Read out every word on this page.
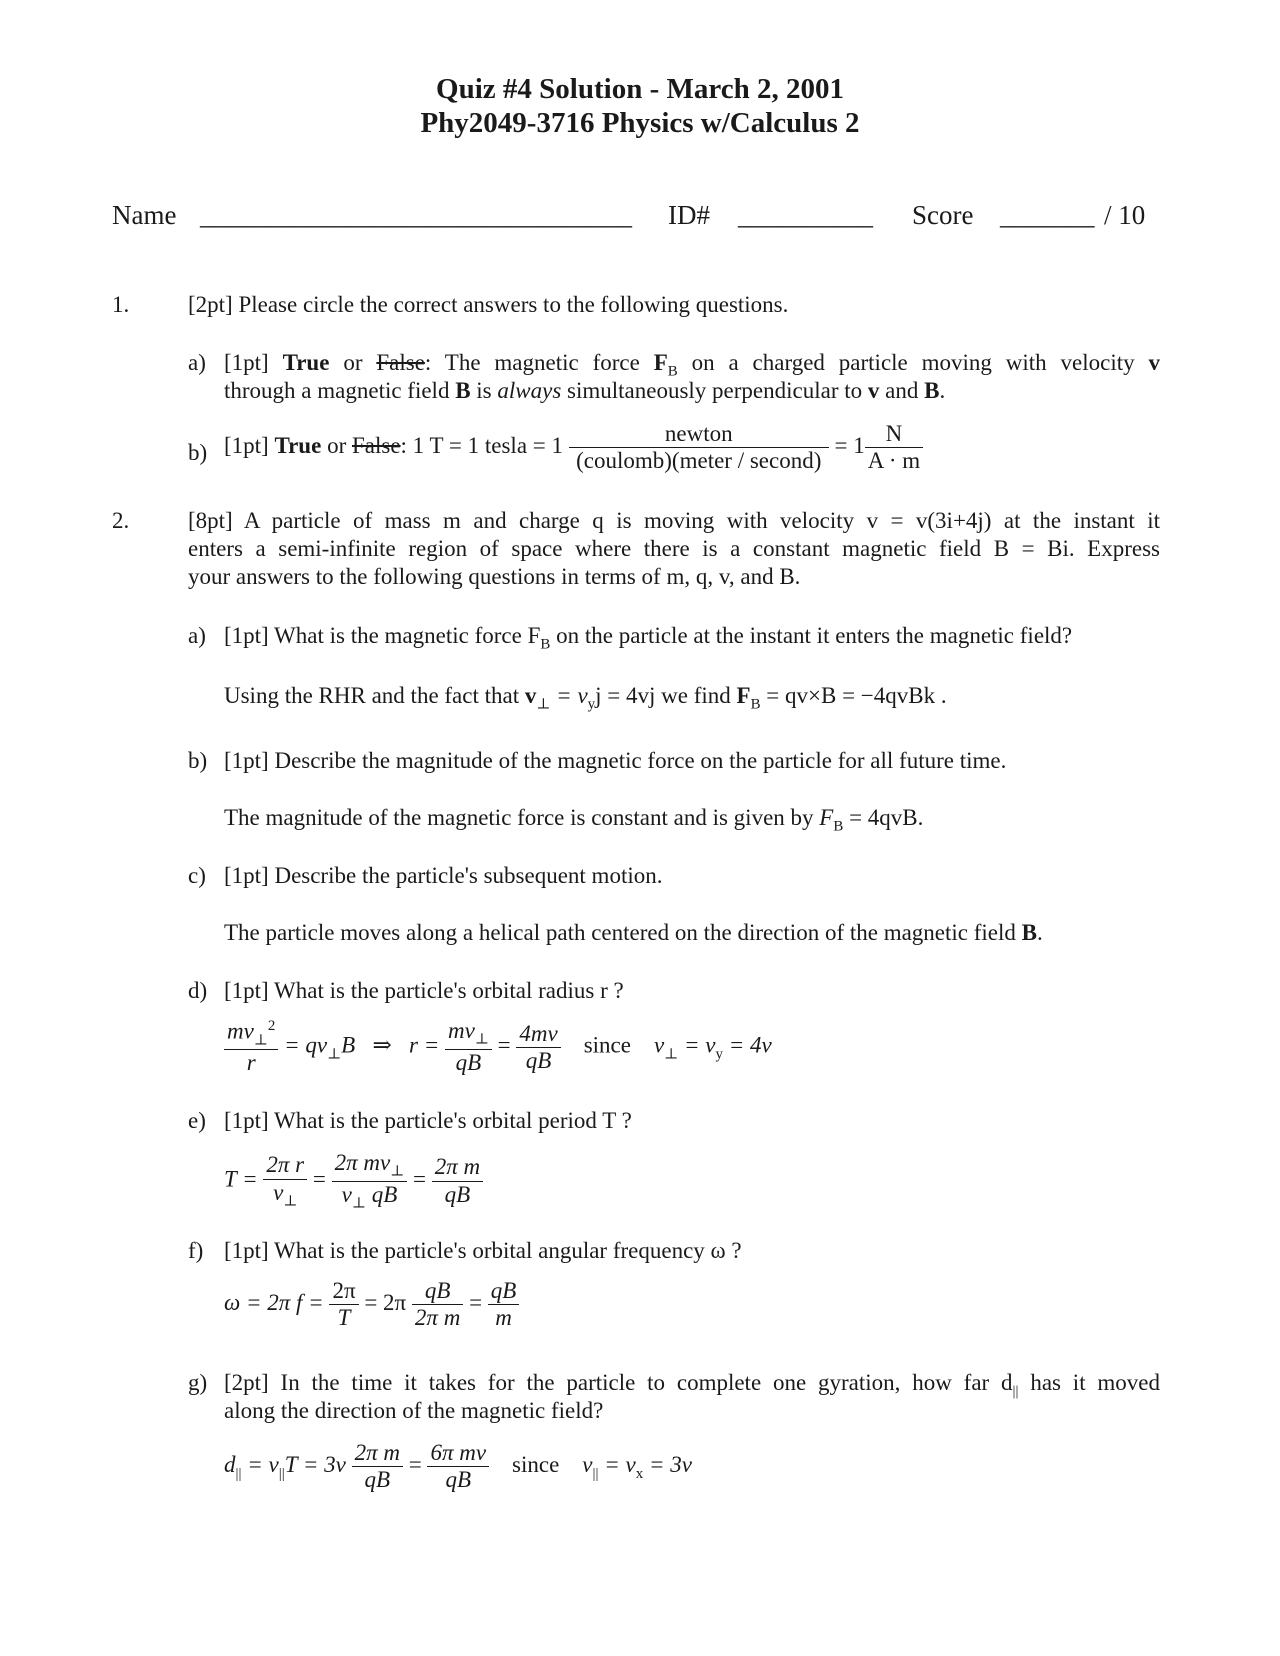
Quiz #4 Solution - March 2, 2001
Phy2049-3716 Physics w/Calculus 2
Name ________________________________ ID# __________ Score _______ / 10
1.	[2pt] Please circle the correct answers to the following questions.
a) [1pt] True or False: The magnetic force $F_B$ on a charged particle moving with velocity v
through a magnetic field B is always simultaneously perpendicular to v and B.
b) [1pt] True or False: 1 T = 1 tesla = $1 \frac{\text{newton}}{\text{(coulomb)(meter / second)}} = 1 \frac{N}{A \cdot m}$
2.	[8pt] A particle of mass m and charge q is moving with velocity v = v(3i+4j) at the instant it
enters a semi-infinite region of space where there is a constant magnetic field B = Bi. Express
your answers to the following questions in terms of m, q, v, and B.
a) [1pt] What is the magnetic force $F_B$ on the particle at the instant it enters the magnetic field?
Using the RHR and the fact that $v_\perp = v_yj = 4vj$ we find $F_B = qv\times B$ = −4qvBk .
b) [1pt] Describe the magnitude of the magnetic force on the particle for all future time.
The magnitude of the magnetic force is constant and is given by $F_B = 4qvB$.
c) [1pt] Describe the particle's subsequent motion.
The particle moves along a helical path centered on the direction of the magnetic field B.
d) [1pt] What is the particle's orbital radius r ?
$\frac{mv_\perp^2}{r} = qv_\perp B$ ⇒ $r = \frac{mv_\perp}{qB} = \frac{4mv}{qB}$ since $v_\perp = v_y = 4v$
e) [1pt] What is the particle's orbital period T ?
$T = \frac{\text{2π r}}{v_\perp} = \frac{2\pi mv_\perp}{v_\perp qB} = \frac{\text{2π m}}{qB}$
f) [1pt] What is the particle's orbital angular frequency ω ?
ω = 2π $f = \frac{2\pi}{T} = 2\pi \frac{qB}{\text{2π m}} = \frac{qB}{m}$
g) [2pt] In the time it takes for the particle to complete one gyration, how far $d_{||}$ has it moved
along the direction of the magnetic field?
$d_{||} = v_{||}T = 3v \frac{\text{2π m}}{qB} = \frac{\text{6π mv}}{qB}$ since $v_{||} = v_x = 3v$
